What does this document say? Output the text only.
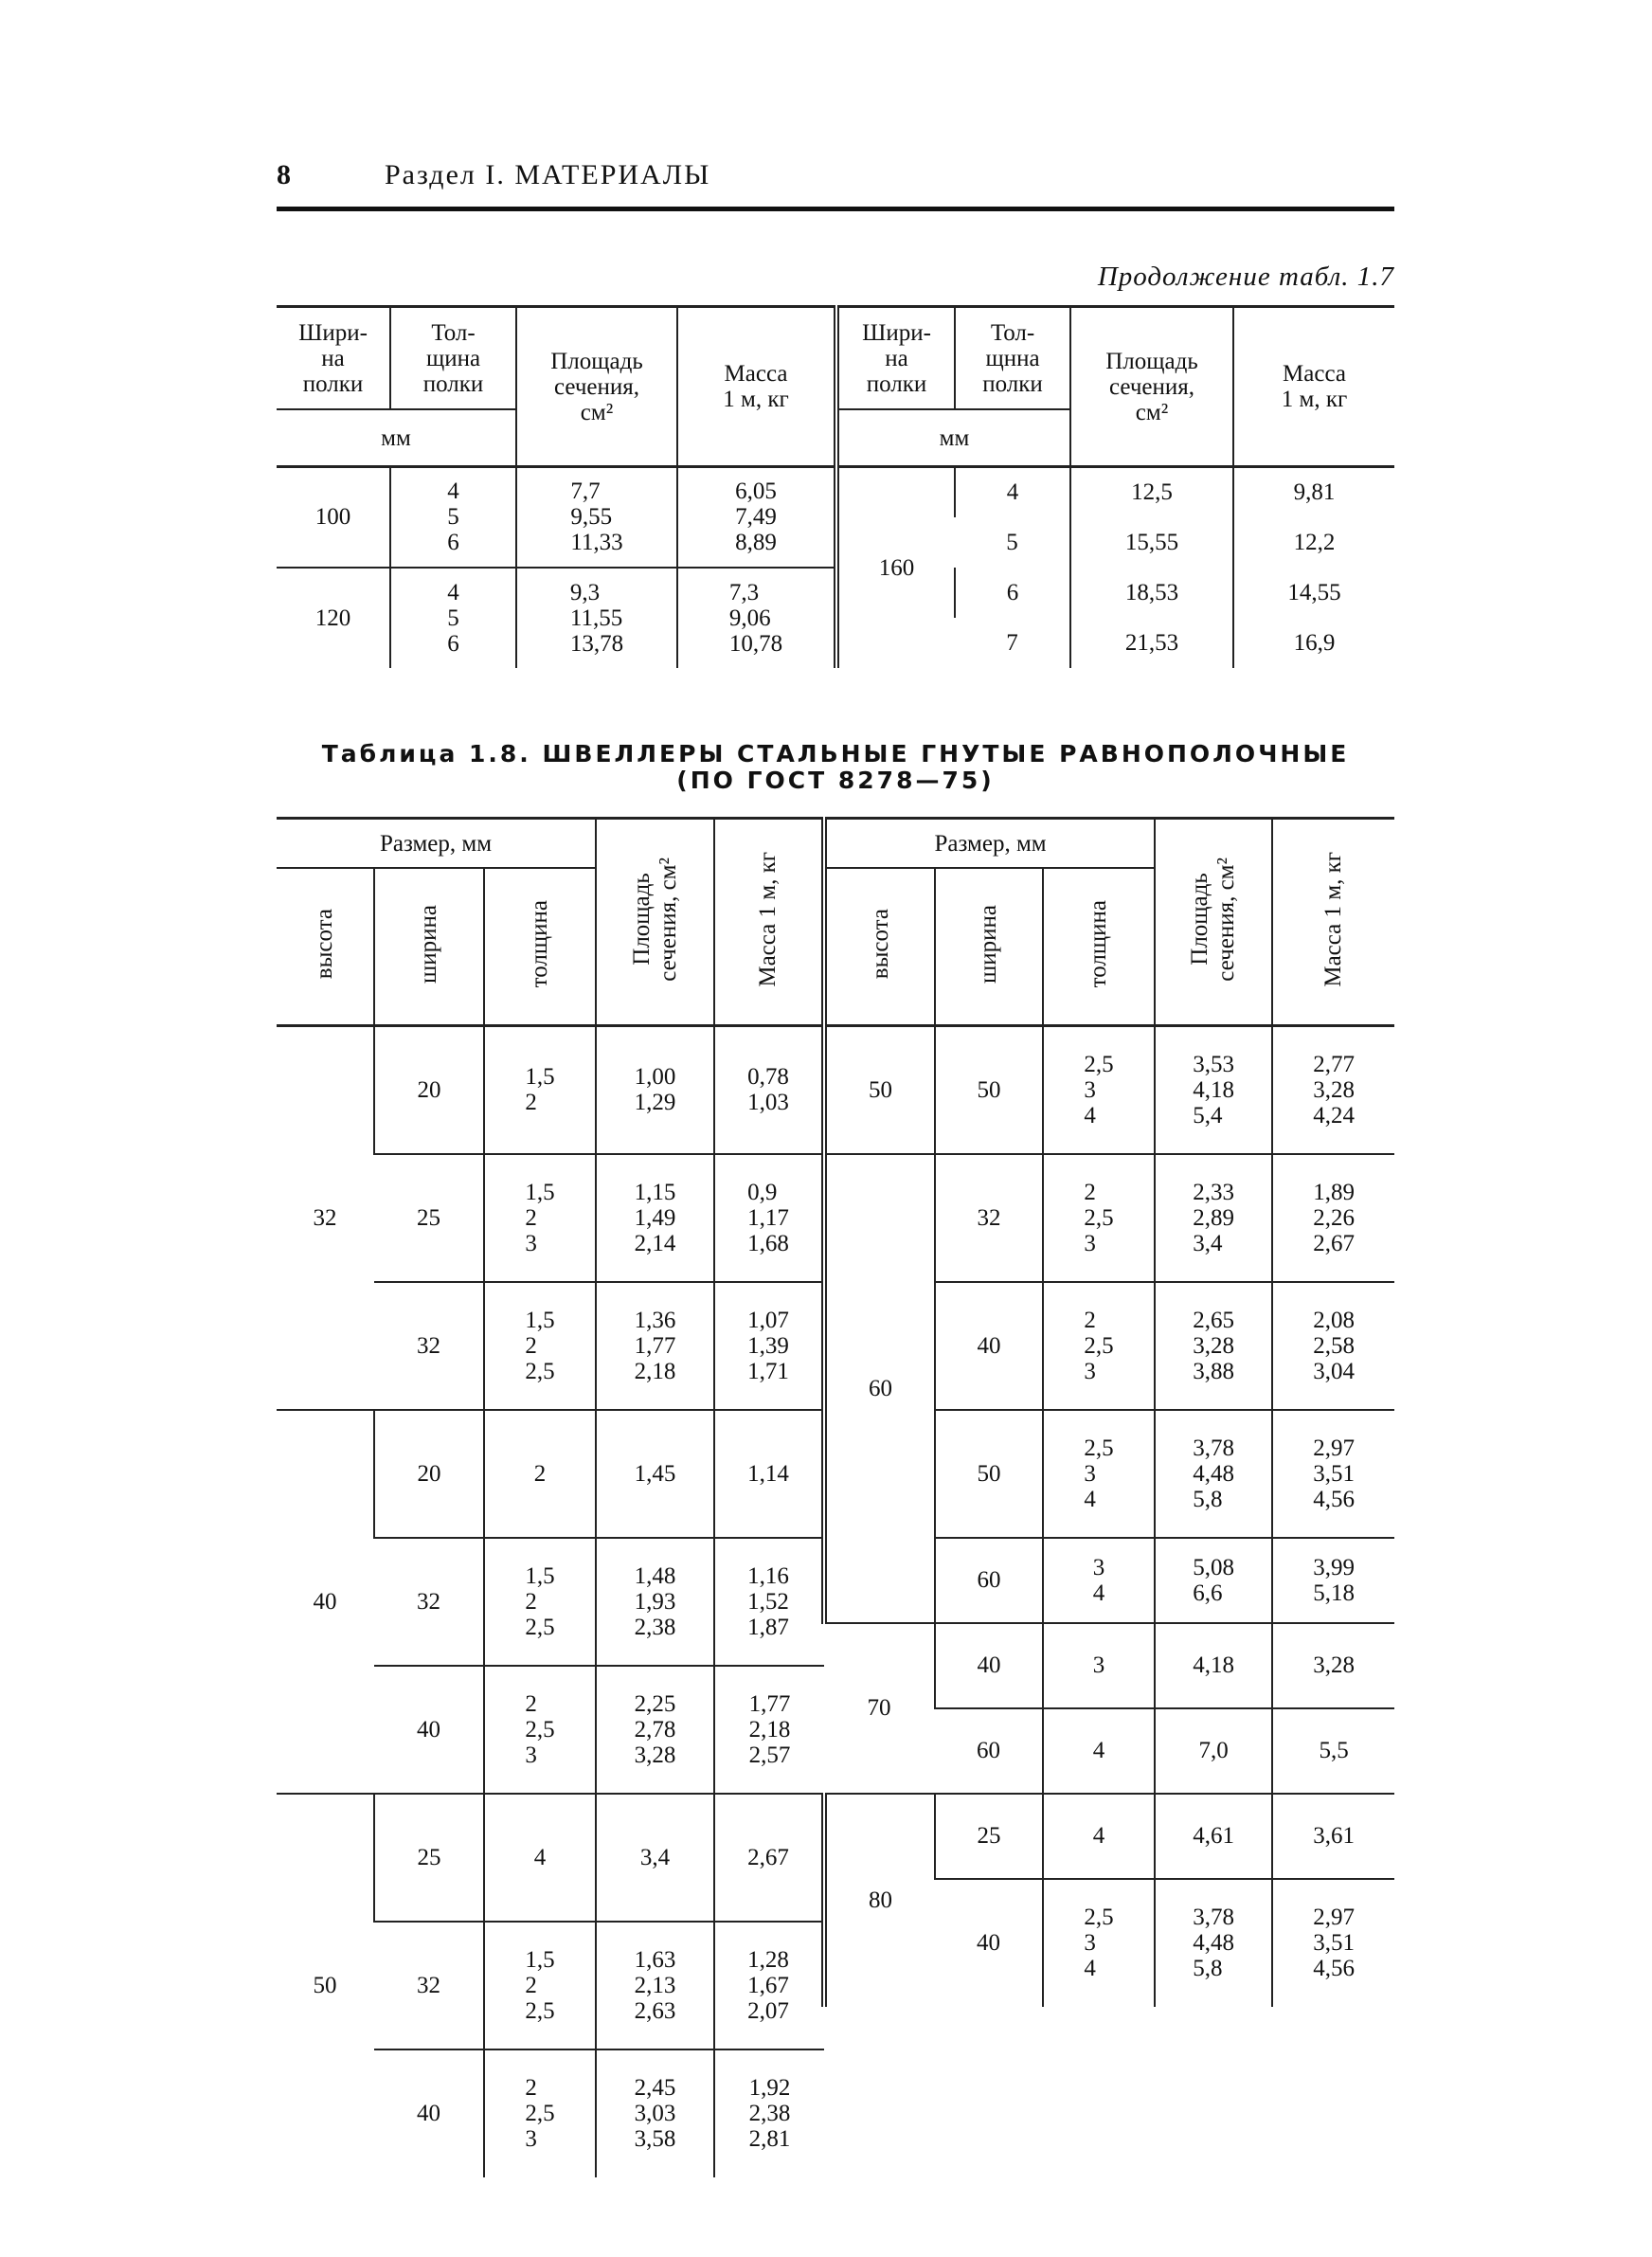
8	Раздел I. МАТЕРИАЛЫ
Продолжение табл. 1.7
Шири-
на
полки	Тол-
щина
полки	Площадь
сечения,
см²	Масса
1 м, кг	Шири-
на
полки	Тол-
щнна
полки	Площадь
сечения,
см²	Масса
1 м, кг
мм				мм			
100	4
5
6	7,7
9,55
11,33	6,05
7,49
8,89	160	4	12,5	9,81
					5	15,55	12,2
120	4
5
6	9,3
11,55
13,78	7,3
9,06
10,78		6	18,53	14,55
					7	21,53	16,9
Таблица 1.8. ШВЕЛЛЕРЫ СТАЛЬНЫЕ ГНУТЫЕ РАВНОПОЛОЧНЫЕ
(ПО ГОСТ 8278—75)
Размер, мм			Площадь
сечения, см²	Масса 1 м, кг	Размер, мм			Площадь
сечения, см²	Масса 1 м, кг
высота	ширина	толщина			высота	ширина	толщина		
32	20	1,5
2	1,00
1,29	0,78
1,03	50	50	2,5
3
4	3,53
4,18
5,4	2,77
3,28
4,24

	25	1,5
2
3	1,15
1,49
2,14	0,9
1,17
1,68	60	32	2
2,5
3	2,33
2,89
3,4	1,89
2,26
2,67

	32	1,5
2
2,5	1,36
1,77
2,18	1,07
1,39
1,71		40	2
2,5
3	2,65
3,28
3,88	2,08
2,58
3,04

40	20	2	1,45	1,14		50	2,5
3
4	3,78
4,48
5,8	2,97
3,51
4,56

	32	1,5
2
2,5	1,48
1,93
2,38	1,16
1,52
1,87		60	3
4	5,08
6,6	3,99
5,18

					70	40	3	4,18	3,28
	40	2
2,5
3	2,25
2,78
3,28	1,77
2,18
2,57					
						60	4	7,0	5,5

50	25	4	3,4	2,67	80	25	4	4,61	3,61

						40	2,5
3
4	3,78
4,48
5,8	2,97
3,51
4,56
	32	1,5
2
2,5	1,63
2,13
2,63	1,28
1,67
2,07					

	40	2
2,5
3	2,45
3,03
3,58	1,92
2,38
2,81					
